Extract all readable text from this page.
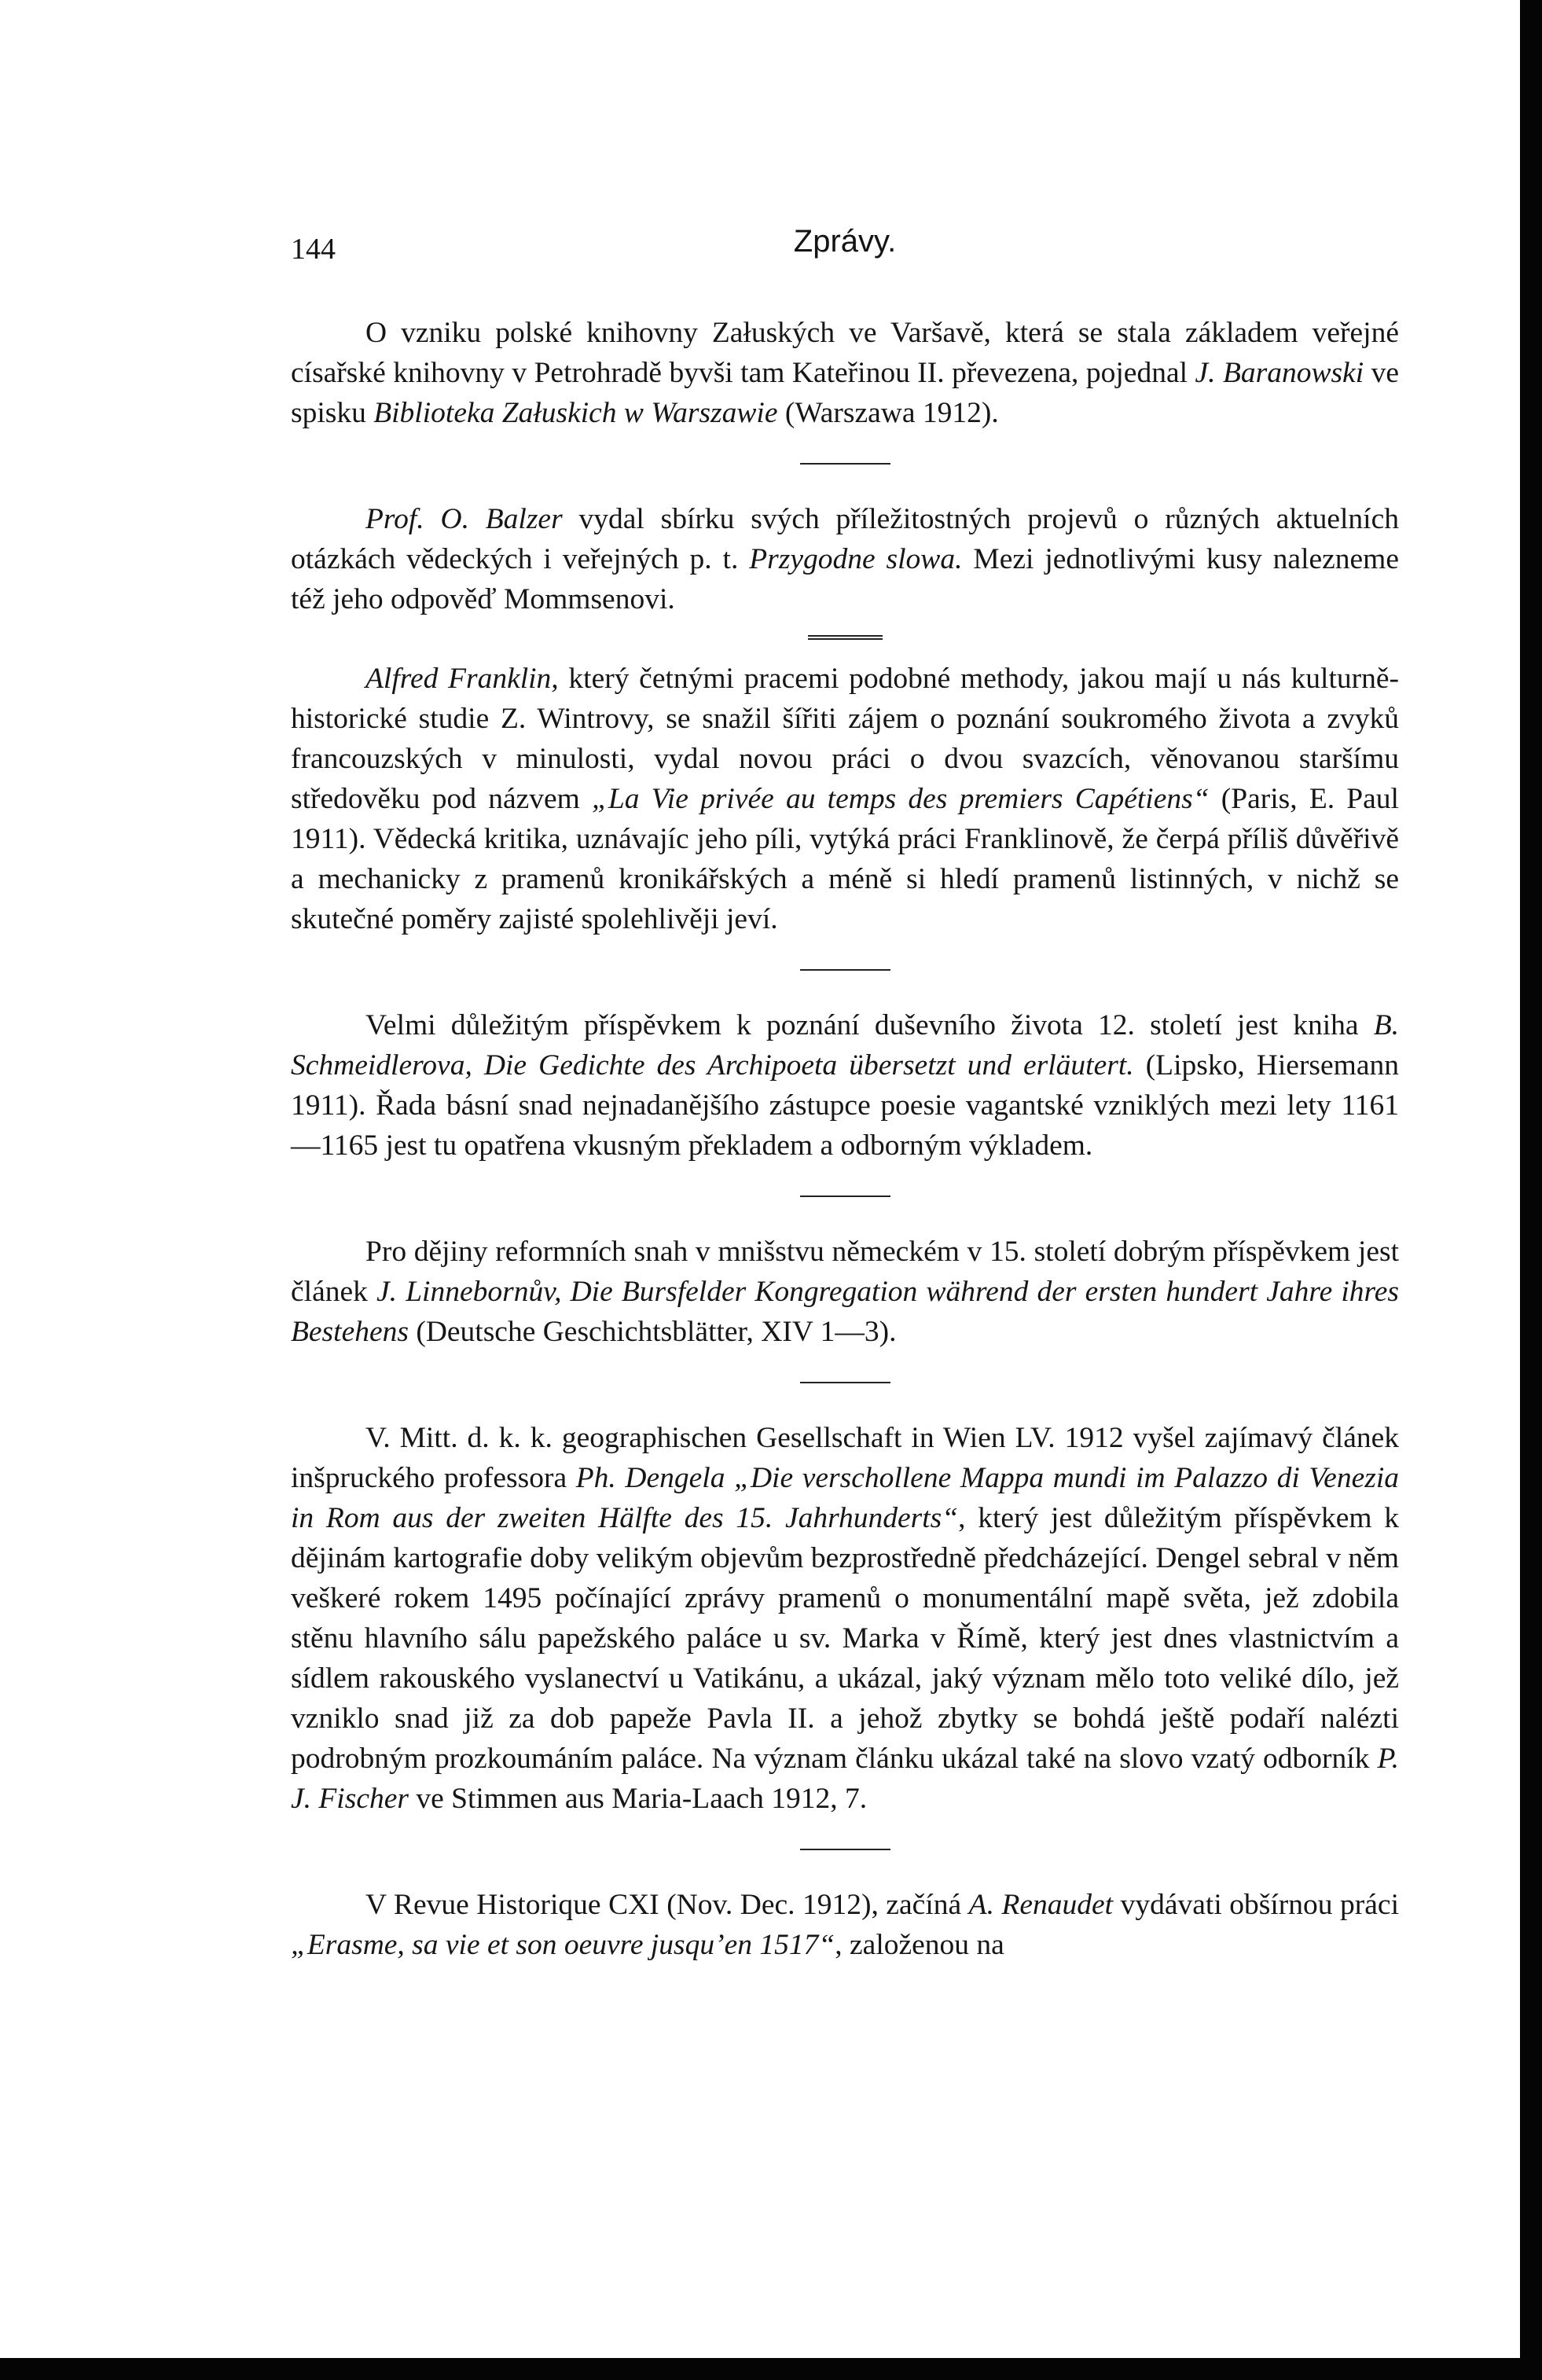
144	Zprávy.

O vzniku polské knihovny Załuských ve Varšavě, která se stala základem veřejné císařské knihovny v Petrohradě byvši tam Kateřinou II. převezena, pojednal J. Baranowski ve spisku Biblioteka Załuskich w Warszawie (Warszawa 1912).

Prof. O. Balzer vydal sbírku svých příležitostných projevů o různých aktuelních otázkách vědeckých i veřejných p. t. Przygodne slowa. Mezi jednotlivými kusy nalezneme též jeho odpověď Mommsenovi.

Alfred Franklin, který četnými pracemi podobné methody, jakou mají u nás kulturně-historické studie Z. Wintrovy, se snažil šířiti zájem o poznání soukromého života a zvyků francouzských v minulosti, vydal novou práci o dvou svazcích, věnovanou staršímu středověku pod názvem „La Vie privée au temps des premiers Capétiens“ (Paris, E. Paul 1911). Vědecká kritika, uznávajíc jeho píli, vytýká práci Franklinově, že čerpá příliš důvěřivě a mechanicky z pramenů kronikářských a méně si hledí pramenů listinných, v nichž se skutečné poměry zajisté spolehlivěji jeví.

Velmi důležitým příspěvkem k poznání duševního života 12. století jest kniha B. Schmeidlerova, Die Gedichte des Archipoeta übersetzt und erläutert. (Lipsko, Hiersemann 1911). Řada básní snad nejnadanějšího zástupce poesie vagantské vzniklých mezi lety 1161—1165 jest tu opatřena vkusným překladem a odborným výkladem.

Pro dějiny reformních snah v mnišstvu německém v 15. století dobrým příspěvkem jest článek J. Linnebornův, Die Bursfelder Kongregation während der ersten hundert Jahre ihres Bestehens (Deutsche Geschichtsblätter, XIV 1—3).

V. Mitt. d. k. k. geographischen Gesellschaft in Wien LV. 1912 vyšel zajímavý článek inšpruckého professora Ph. Dengela „Die verschollene Mappa mundi im Palazzo di Venezia in Rom aus der zweiten Hälfte des 15. Jahrhunderts“, který jest důležitým příspěvkem k dějinám kartografie doby velikým objevům bezprostředně předcházející. Dengel sebral v něm veškeré rokem 1495 počínající zprávy pramenů o monumentální mapě světa, jež zdobila stěnu hlavního sálu papežského paláce u sv. Marka v Římě, který jest dnes vlastnictvím a sídlem rakouského vyslanectví u Vatikánu, a ukázal, jaký význam mělo toto veliké dílo, jež vzniklo snad již za dob papeže Pavla II. a jehož zbytky se bohdá ještě podaří nalézti podrobným prozkoumáním paláce. Na význam článku ukázal také na slovo vzatý odborník P. J. Fischer ve Stimmen aus Maria-Laach 1912, 7.

V Revue Historique CXI (Nov. Dec. 1912), začíná A. Renaudet vydávati obšírnou práci „Erasme, sa vie et son oeuvre jusqu’en 1517“, založenou na
